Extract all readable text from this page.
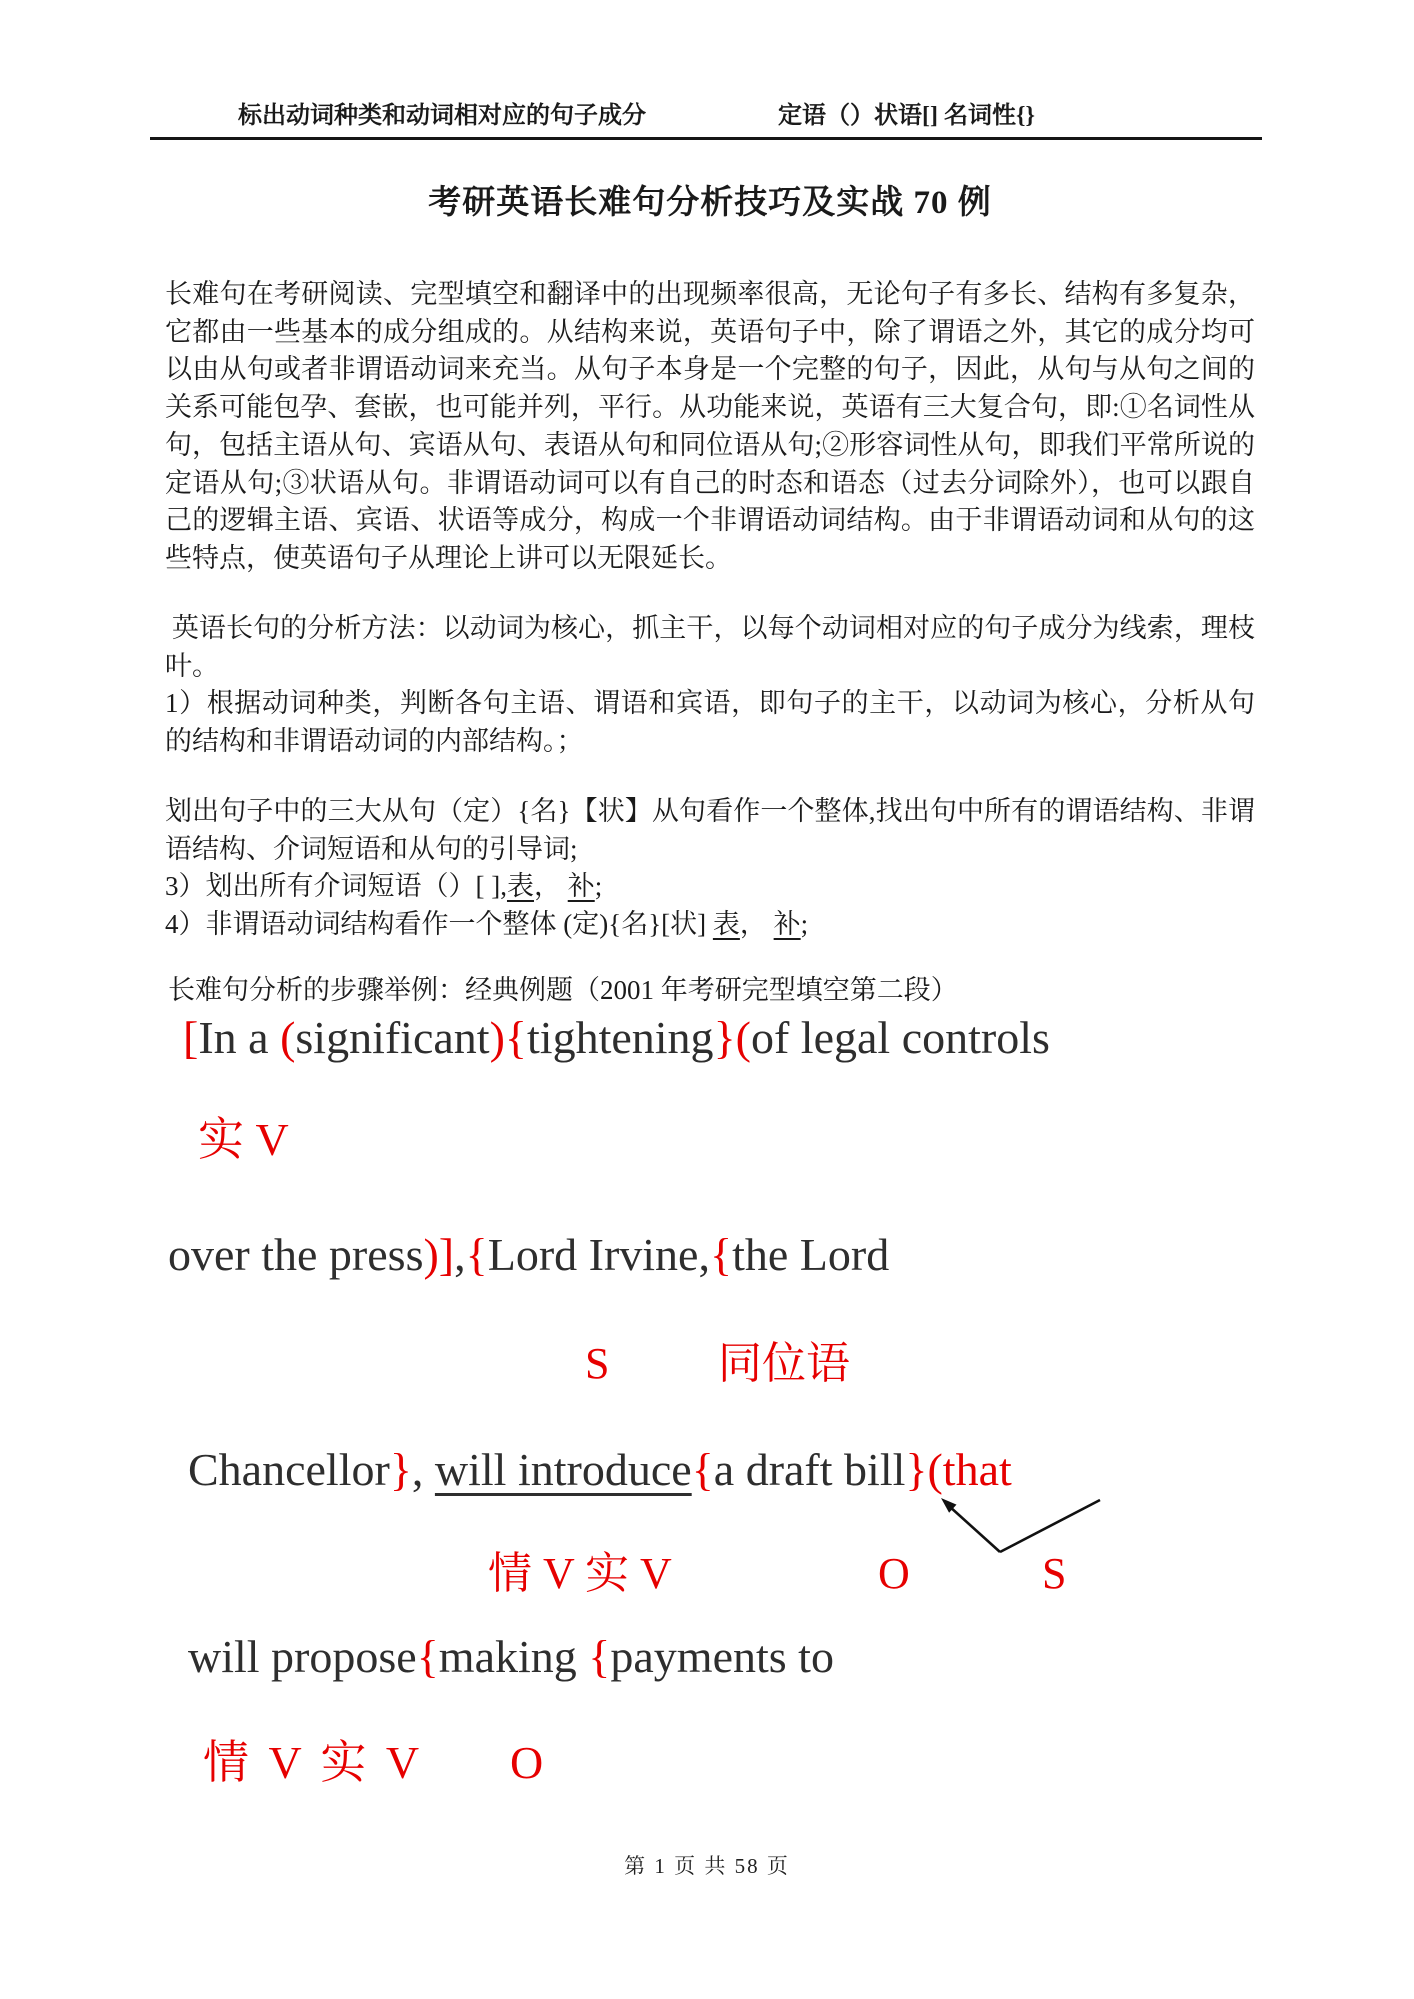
标出动词种类和动词相对应的句子成分	定语（）状语[] 名词性{}
考研英语长难句分析技巧及实战 70 例

长难句在考研阅读、完型填空和翻译中的出现频率很高，无论句子有多长、结构有多复杂，它都由一些基本的成分组成的。从结构来说，英语句子中，除了谓语之外，其它的成分均可以由从句或者非谓语动词来充当。从句子本身是一个完整的句子，因此，从句与从句之间的关系可能包孕、套嵌，也可能并列，平行。从功能来说，英语有三大复合句，即:①名词性从句，包括主语从句、宾语从句、表语从句和同位语从句;②形容词性从句，即我们平常所说的定语从句;③状语从句。非谓语动词可以有自己的时态和语态（过去分词除外），也可以跟自己的逻辑主语、宾语、状语等成分，构成一个非谓语动词结构。由于非谓语动词和从句的这些特点，使英语句子从理论上讲可以无限延长。

英语长句的分析方法：以动词为核心，抓主干，以每个动词相对应的句子成分为线索，理枝叶。

1）根据动词种类，判断各句主语、谓语和宾语，即句子的主干，以动词为核心，分析从句的结构和非谓语动词的内部结构。；

划出句子中的三大从句（定）{名}【状】从句看作一个整体,找出句中所有的谓语结构、非谓语结构、介词短语和从句的引导词;

3）划出所有介词短语（）[ ],表， 补;

4）非谓语动词结构看作一个整体 (定){名}[状] 表， 补;

长难句分析的步骤举例：经典例题（2001 年考研完型填空第二段）
[In a (significant){tightening}(of legal controls
实 V
over the press)],{Lord Irvine,{the Lord
S 同位语
Chancellor}, will introduce{a draft bill}(that
情 V 实 V	O	S
will propose{making {payments to
情 V 实 V O
第 1 页 共 58 页
